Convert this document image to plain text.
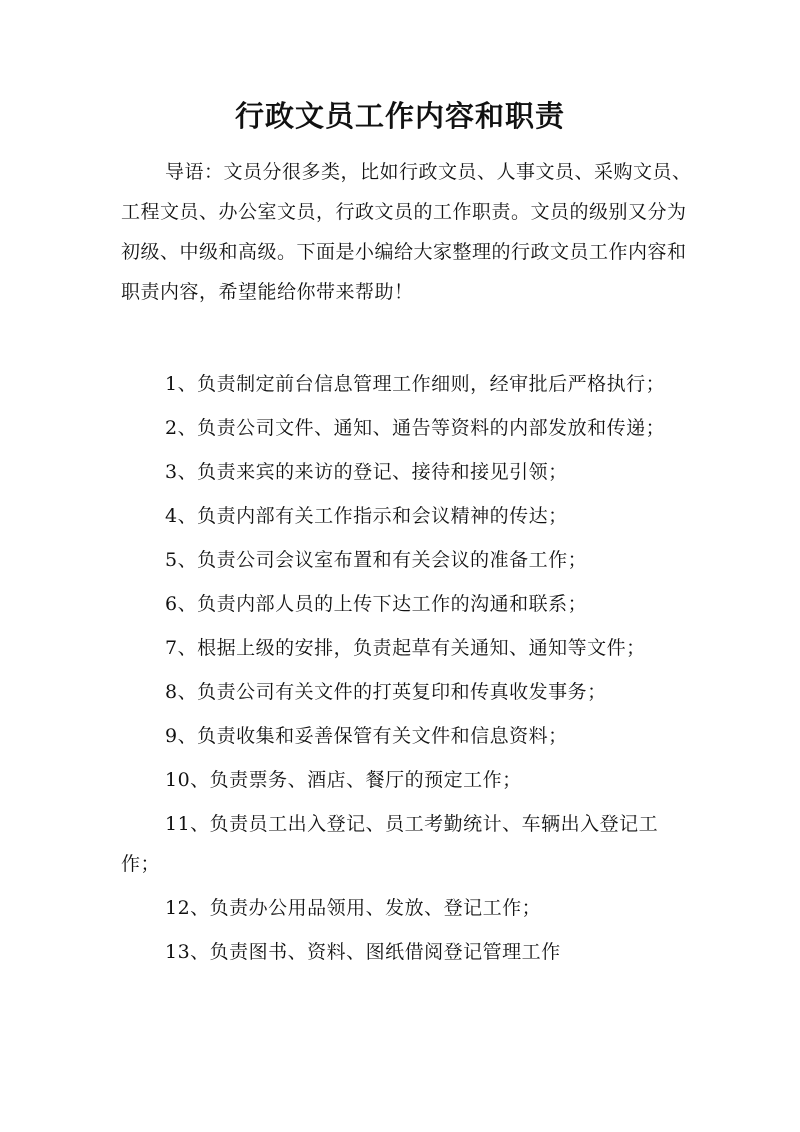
行政文员工作内容和职责

导语：文员分很多类，比如行政文员、人事文员、采购文员、工程文员、办公室文员，行政文员的工作职责。文员的级别又分为初级、中级和高级。下面是小编给大家整理的行政文员工作内容和职责内容，希望能给你带来帮助！

1、负责制定前台信息管理工作细则，经审批后严格执行；
2、负责公司文件、通知、通告等资料的内部发放和传递；
3、负责来宾的来访的登记、接待和接见引领；
4、负责内部有关工作指示和会议精神的传达；
5、负责公司会议室布置和有关会议的准备工作；
6、负责内部人员的上传下达工作的沟通和联系；
7、根据上级的安排，负责起草有关通知、通知等文件；
8、负责公司有关文件的打英复印和传真收发事务；
9、负责收集和妥善保管有关文件和信息资料；
10、负责票务、酒店、餐厅的预定工作；
11、负责员工出入登记、员工考勤统计、车辆出入登记工作；
12、负责办公用品领用、发放、登记工作；
13、负责图书、资料、图纸借阅登记管理工作
